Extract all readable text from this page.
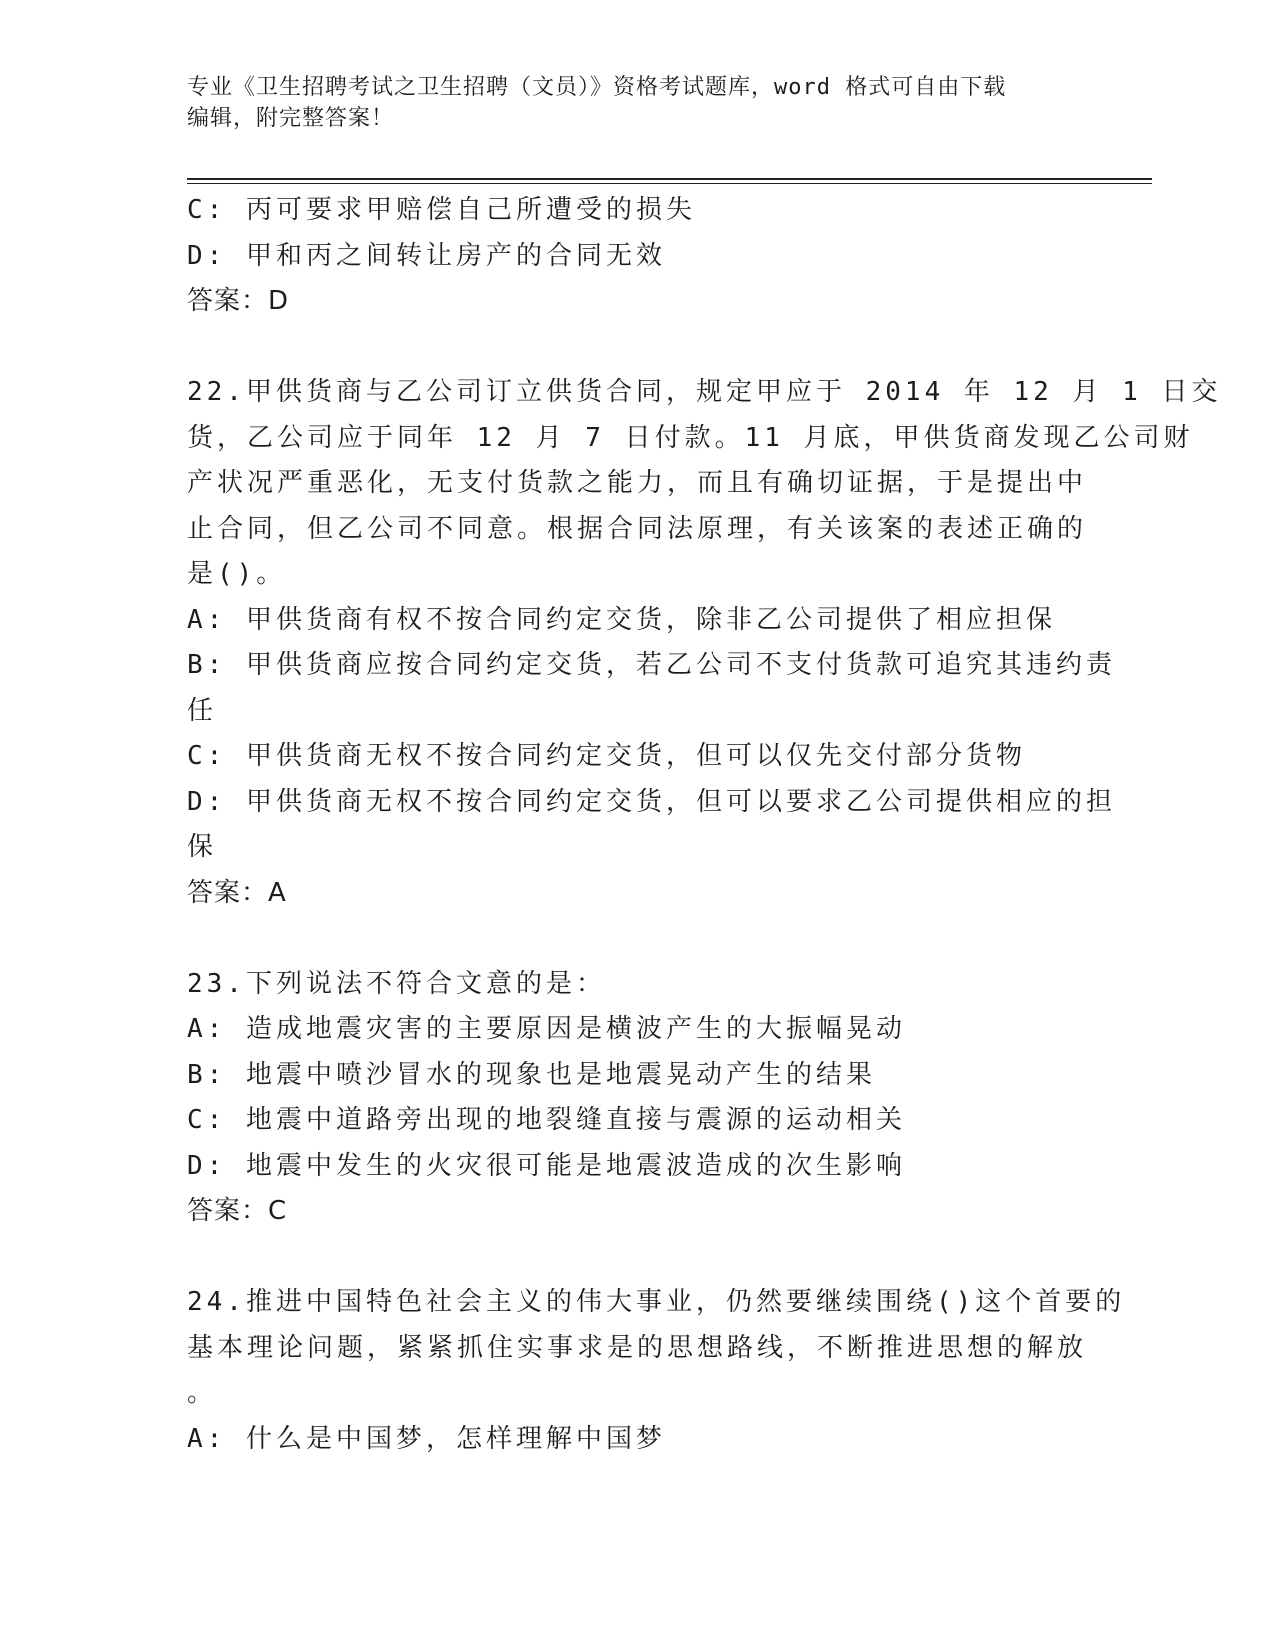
专业《卫生招聘考试之卫生招聘（文员）》资格考试题库，word 格式可自由下载
编辑，附完整答案！
C: 丙可要求甲赔偿自己所遭受的损失
D: 甲和丙之间转让房产的合同无效
答案：D
22.甲供货商与乙公司订立供货合同，规定甲应于 2014 年 12 月 1 日交
货，乙公司应于同年 12 月 7 日付款。11 月底，甲供货商发现乙公司财
产状况严重恶化，无支付货款之能力，而且有确切证据，于是提出中
止合同，但乙公司不同意。根据合同法原理，有关该案的表述正确的
是()。
A: 甲供货商有权不按合同约定交货，除非乙公司提供了相应担保
B: 甲供货商应按合同约定交货，若乙公司不支付货款可追究其违约责
任
C: 甲供货商无权不按合同约定交货，但可以仅先交付部分货物
D: 甲供货商无权不按合同约定交货，但可以要求乙公司提供相应的担
保
答案：A
23.下列说法不符合文意的是：
A: 造成地震灾害的主要原因是横波产生的大振幅晃动
B: 地震中喷沙冒水的现象也是地震晃动产生的结果
C: 地震中道路旁出现的地裂缝直接与震源的运动相关
D: 地震中发生的火灾很可能是地震波造成的次生影响
答案：C
24.推进中国特色社会主义的伟大事业，仍然要继续围绕()这个首要的
基本理论问题，紧紧抓住实事求是的思想路线，不断推进思想的解放
。
A: 什么是中国梦，怎样理解中国梦
